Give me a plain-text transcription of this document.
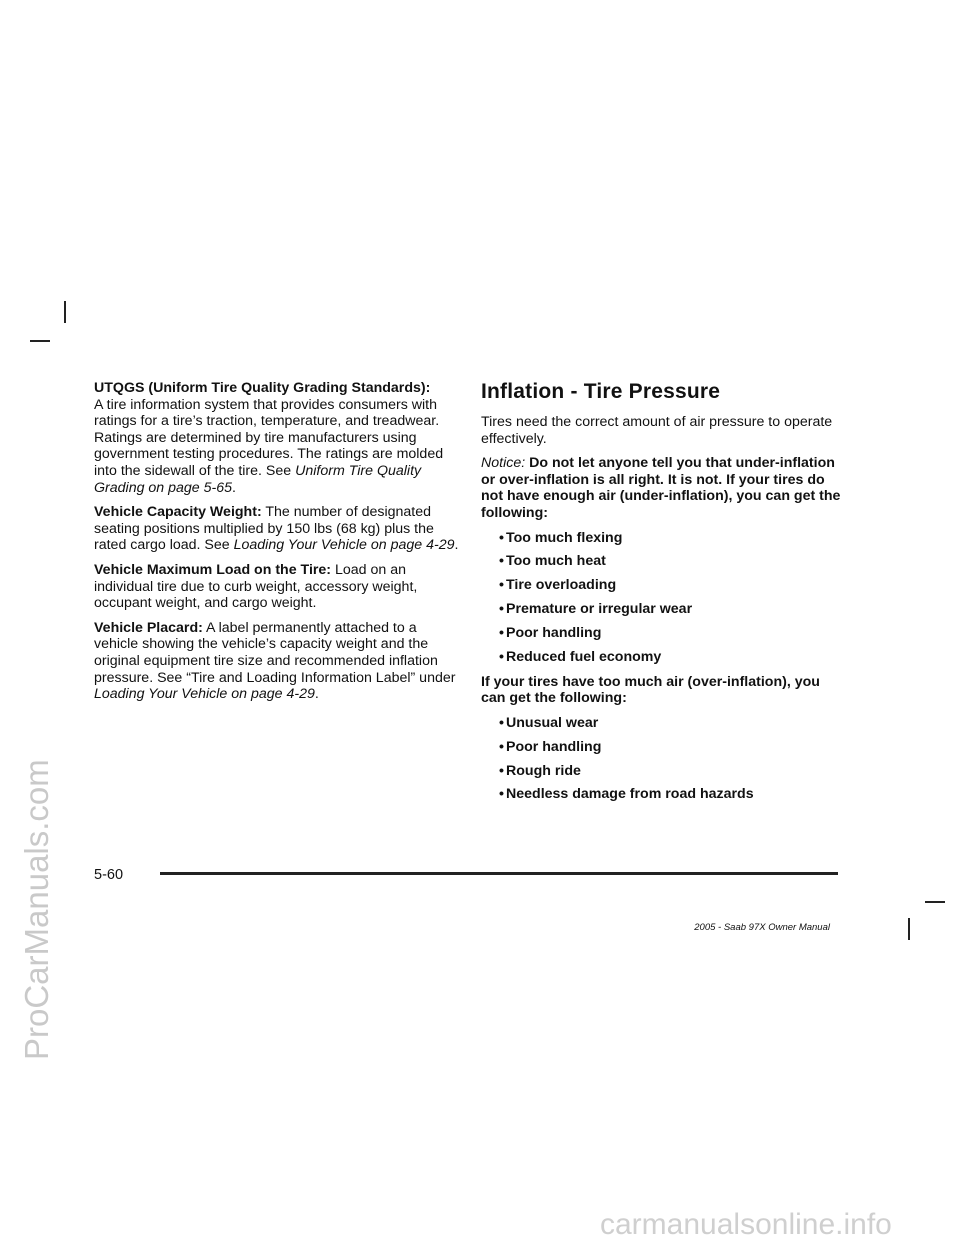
ProCarManuals.com
carmanualsonline.info

UTQGS (Uniform Tire Quality Grading Standards):
A tire information system that provides consumers with ratings for a tire’s traction, temperature, and treadwear. Ratings are determined by tire manufacturers using government testing procedures. The ratings are molded into the sidewall of the tire. See Uniform Tire Quality Grading on page 5-65.

Vehicle Capacity Weight: The number of designated seating positions multiplied by 150 lbs (68 kg) plus the rated cargo load. See Loading Your Vehicle on page 4-29.

Vehicle Maximum Load on the Tire: Load on an individual tire due to curb weight, accessory weight, occupant weight, and cargo weight.

Vehicle Placard: A label permanently attached to a vehicle showing the vehicle’s capacity weight and the original equipment tire size and recommended inflation pressure. See “Tire and Loading Information Label” under Loading Your Vehicle on page 4-29.

Inflation - Tire Pressure

Tires need the correct amount of air pressure to operate effectively.

Notice: Do not let anyone tell you that under-inflation or over-inflation is all right. It is not. If your tires do not have enough air (under-inflation), you can get the following:

• Too much flexing
• Too much heat
• Tire overloading
• Premature or irregular wear
• Poor handling
• Reduced fuel economy

If your tires have too much air (over-inflation), you can get the following:

• Unusual wear
• Poor handling
• Rough ride
• Needless damage from road hazards
5-60
2005 - Saab 97X Owner Manual
